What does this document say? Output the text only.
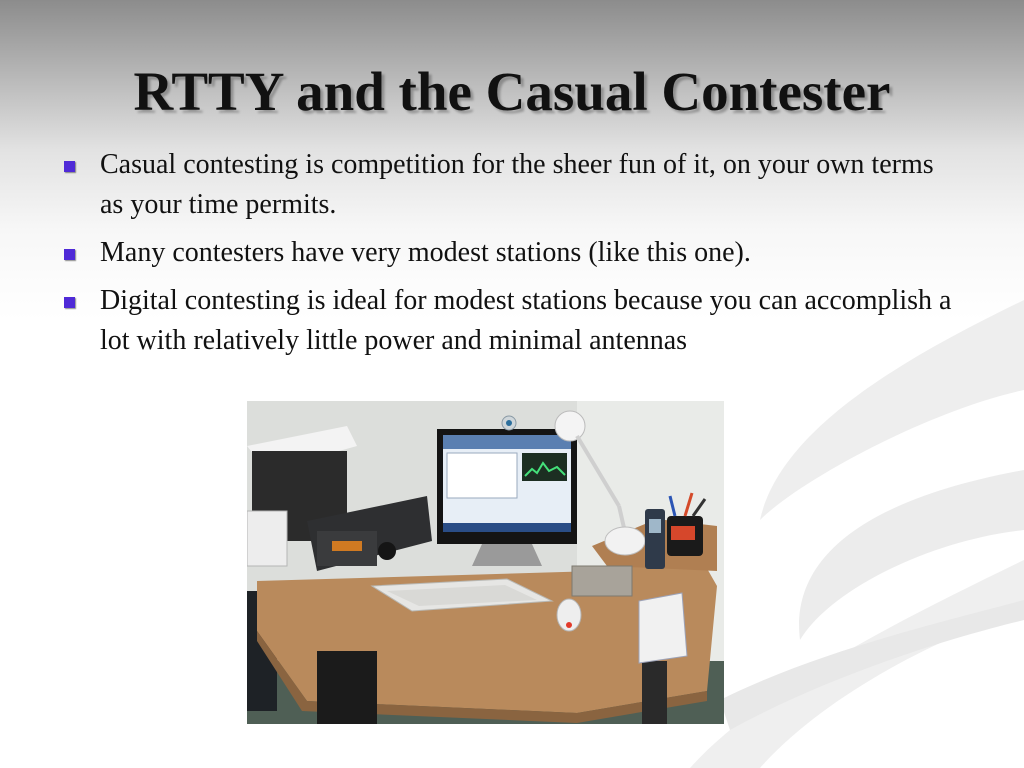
RTTY and the Casual Contester
Casual contesting is competition for the sheer fun of it, on your own terms as your time permits.
Many contesters have very modest stations (like this one).
Digital contesting is ideal for modest stations because you can accomplish a lot with relatively little power and minimal antennas
